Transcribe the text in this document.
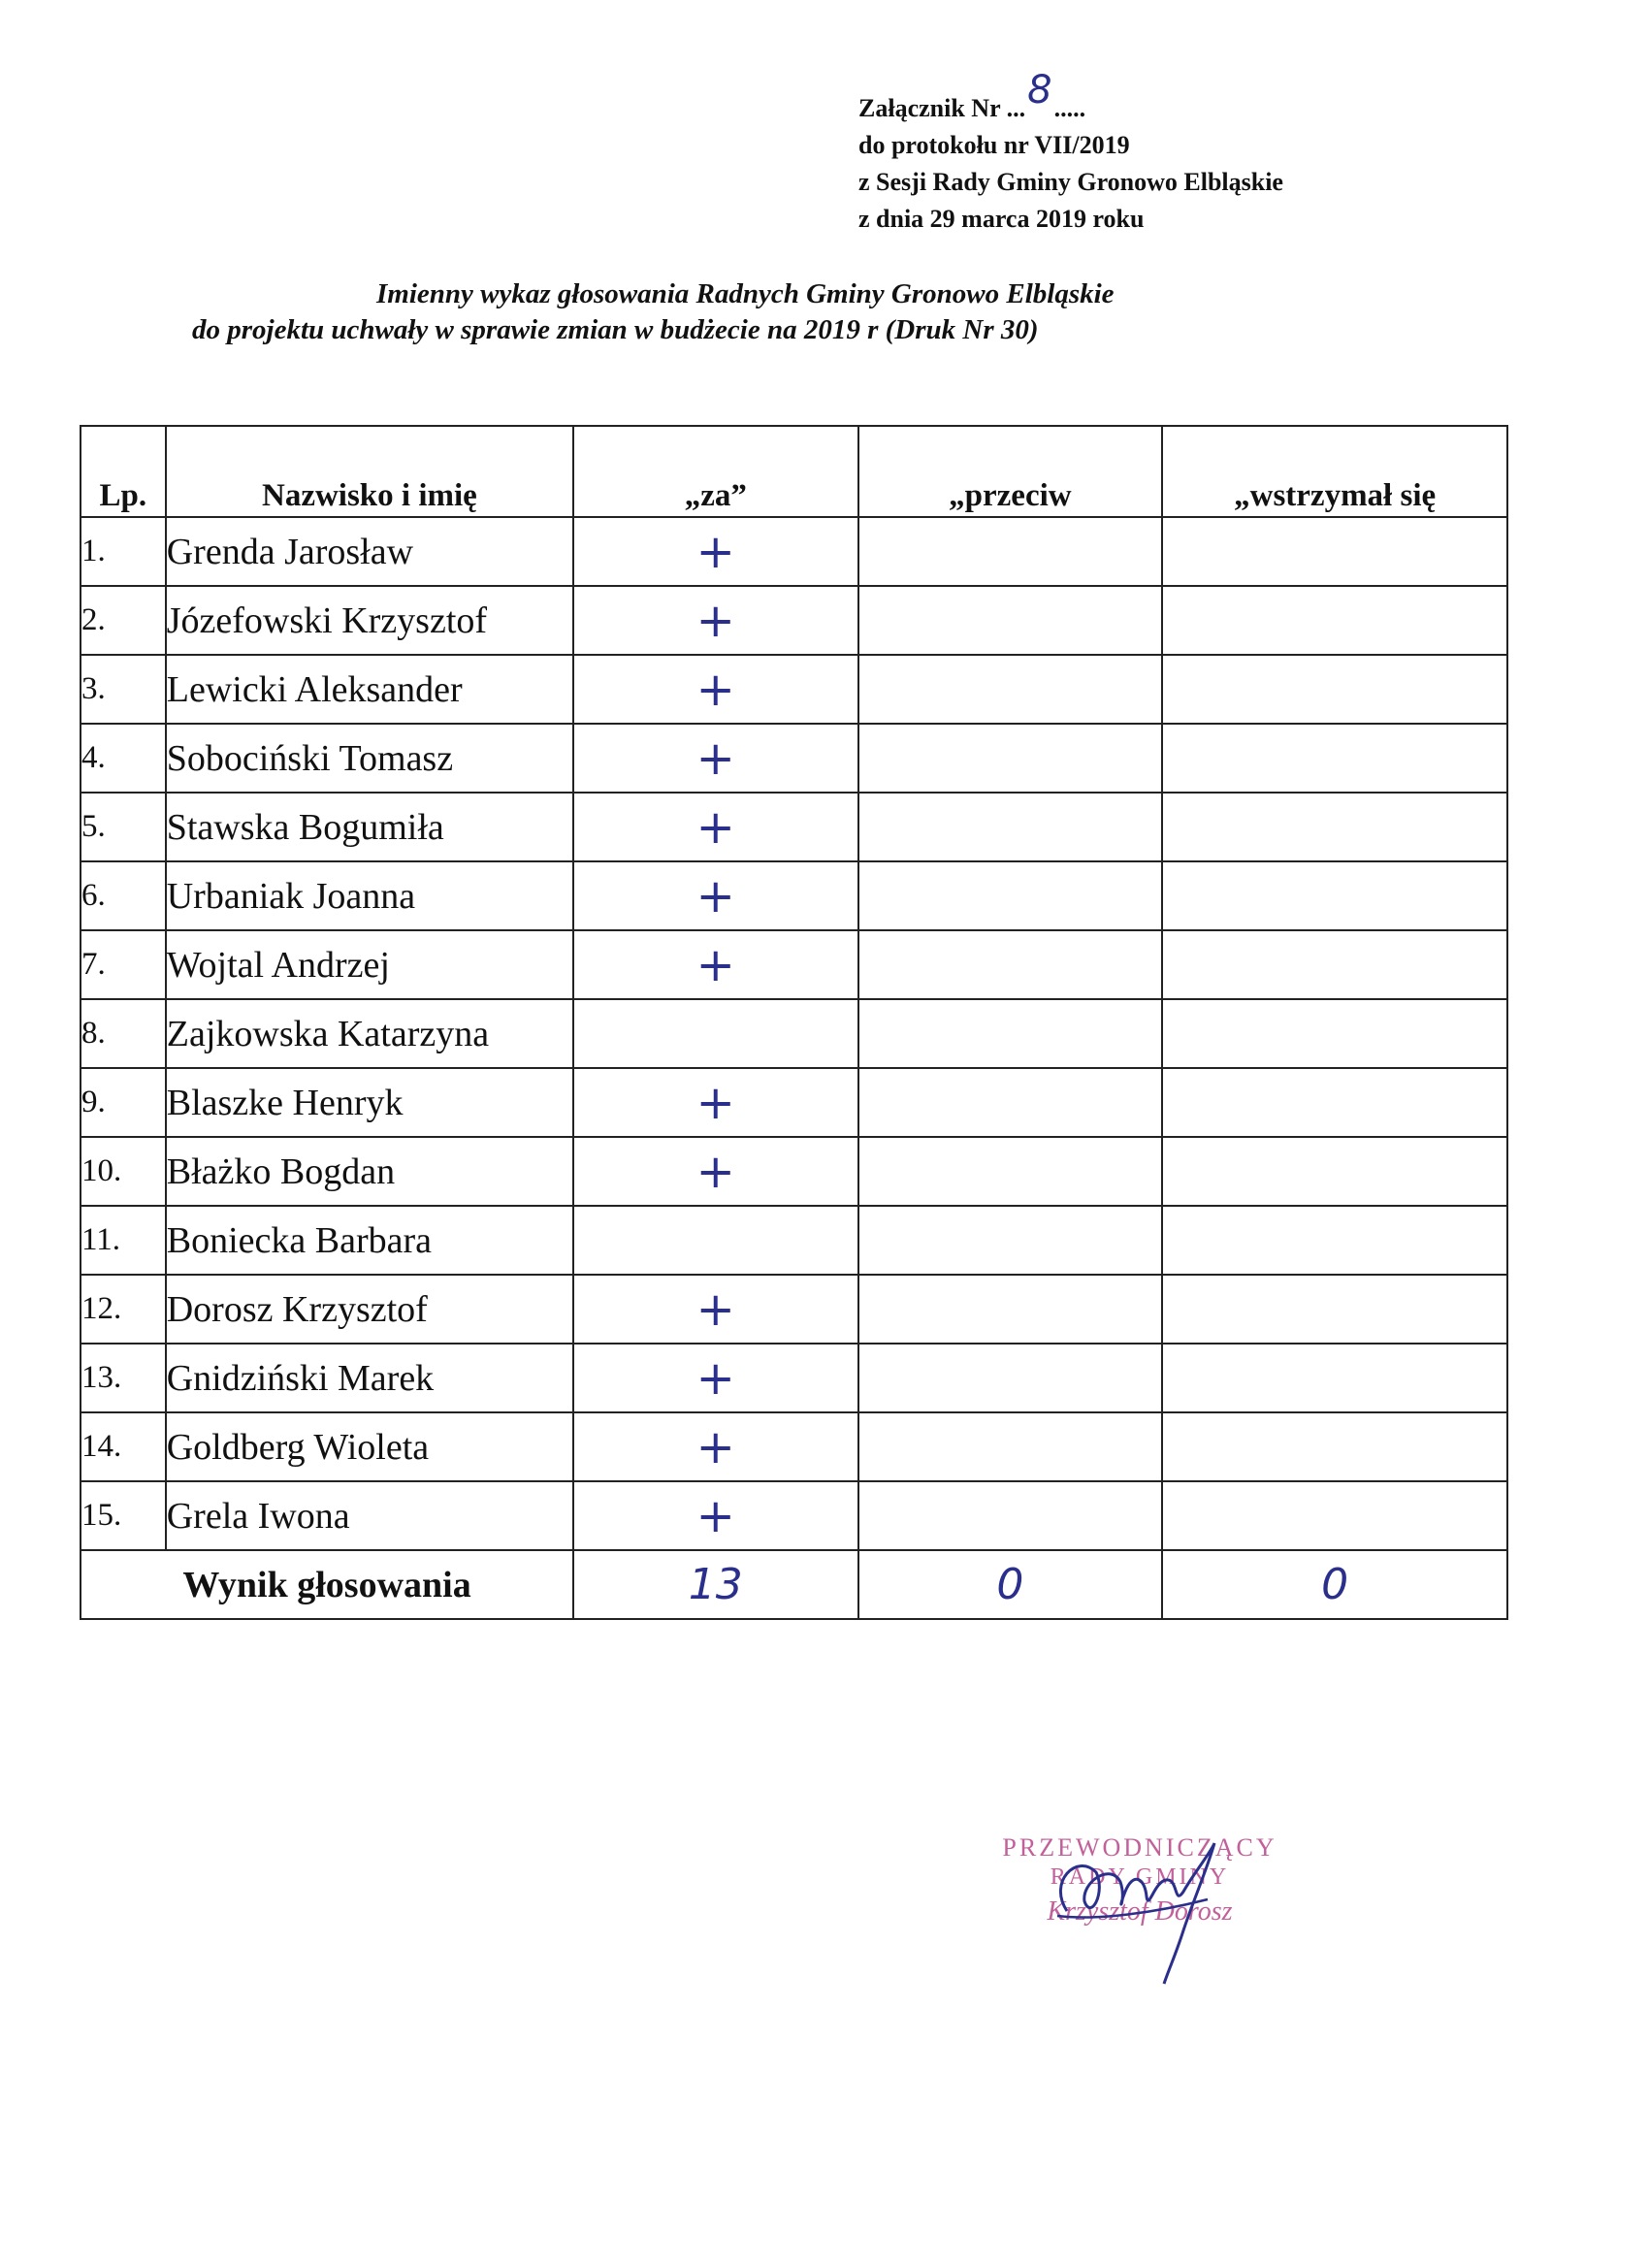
Załącznik Nr ...8.....
do protokołu nr VII/2019
z Sesji Rady Gminy Gronowo Elbląskie
z dnia 29 marca 2019 roku
Imienny wykaz głosowania Radnych Gminy Gronowo Elbląskie
do projektu uchwały w sprawie zmian w budżecie na 2019 r (Druk Nr 30)
Lp.	Nazwisko i imię	„za”	„przeciw	„wstrzymał się
1.	Grenda Jarosław	+		
2.	Józefowski Krzysztof	+		
3.	Lewicki Aleksander	+		
4.	Sobociński Tomasz	+		
5.	Stawska Bogumiła	+		
6.	Urbaniak Joanna	+		
7.	Wojtal Andrzej	+		
8.	Zajkowska Katarzyna			
9.	Blaszke Henryk	+		
10.	Błażko Bogdan	+		
11.	Boniecka Barbara			
12.	Dorosz Krzysztof	+		
13.	Gnidziński Marek	+		
14.	Goldberg Wioleta	+		
15.	Grela Iwona	+		
Wynik głosowania		13	0	0
PRZEWODNICZĄCY
RADY GMINY
Krzysztof Dorosz
